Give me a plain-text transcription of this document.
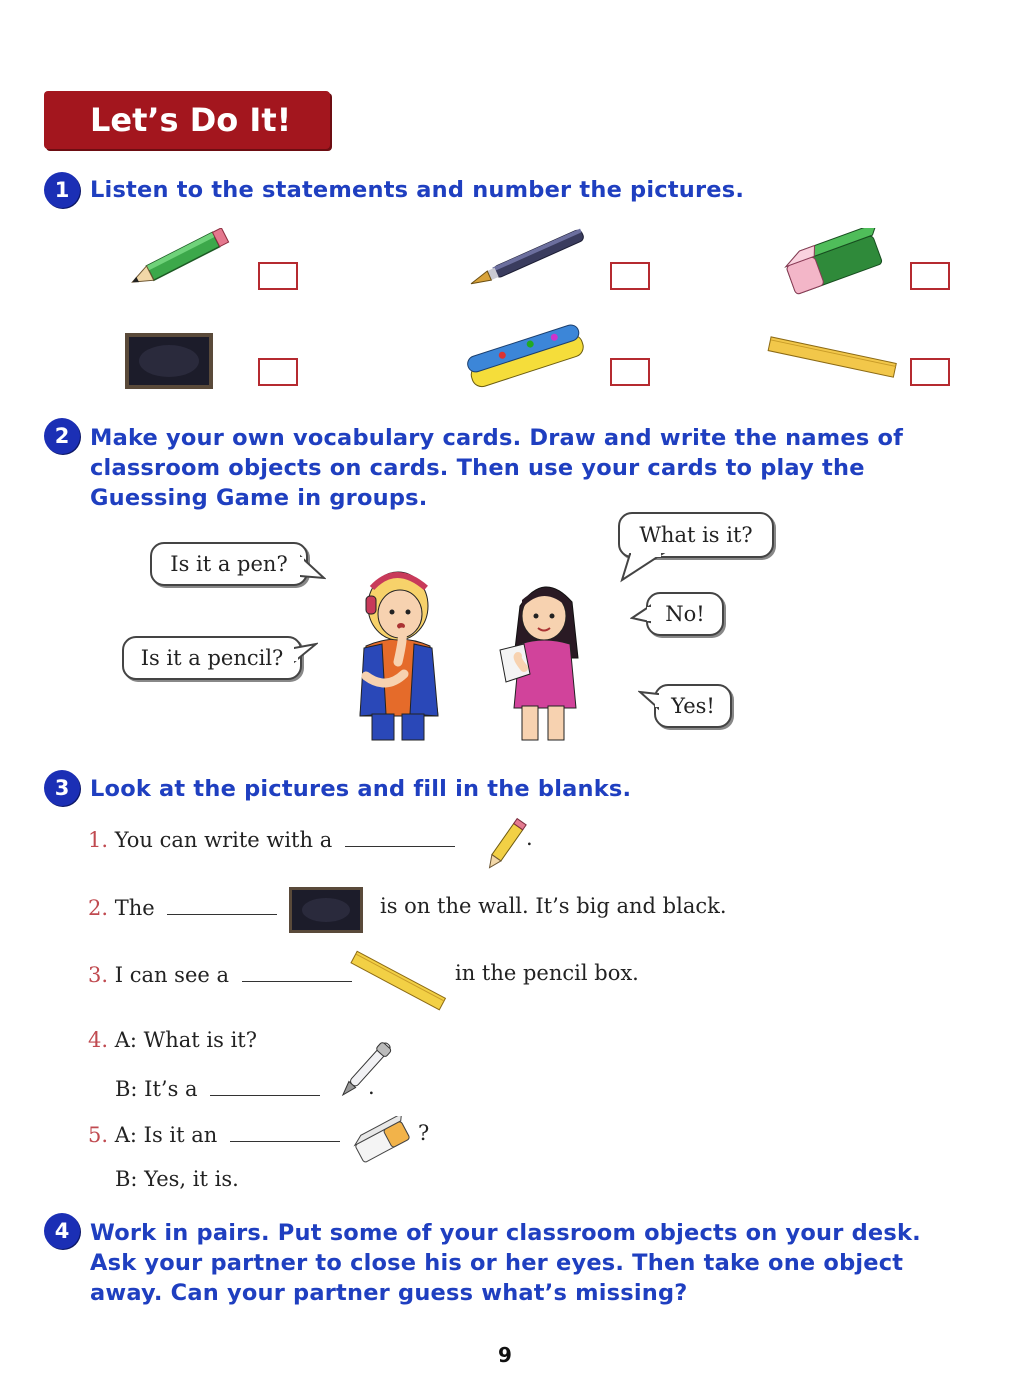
Let’s Do It!
1 Listen to the statements and number the pictures.
2 Make your own vocabulary cards. Draw and write the names of
classroom objects on cards. Then use your cards to play the
Guessing Game in groups.
Is it a pen?
Is it a pencil?
What is it?
No!
Yes!
3 Look at the pictures and fill in the blanks.
1. You can write with a	.
2. The	is on the wall. It’s big and black.
3. I can see a	in the pencil box.
4. A: What is it?
B: It’s a	.
5. A: Is it an	?
B: Yes, it is.
4 Work in pairs. Put some of your classroom objects on your desk.
Ask your partner to close his or her eyes. Then take one object
away. Can your partner guess what’s missing?
9
